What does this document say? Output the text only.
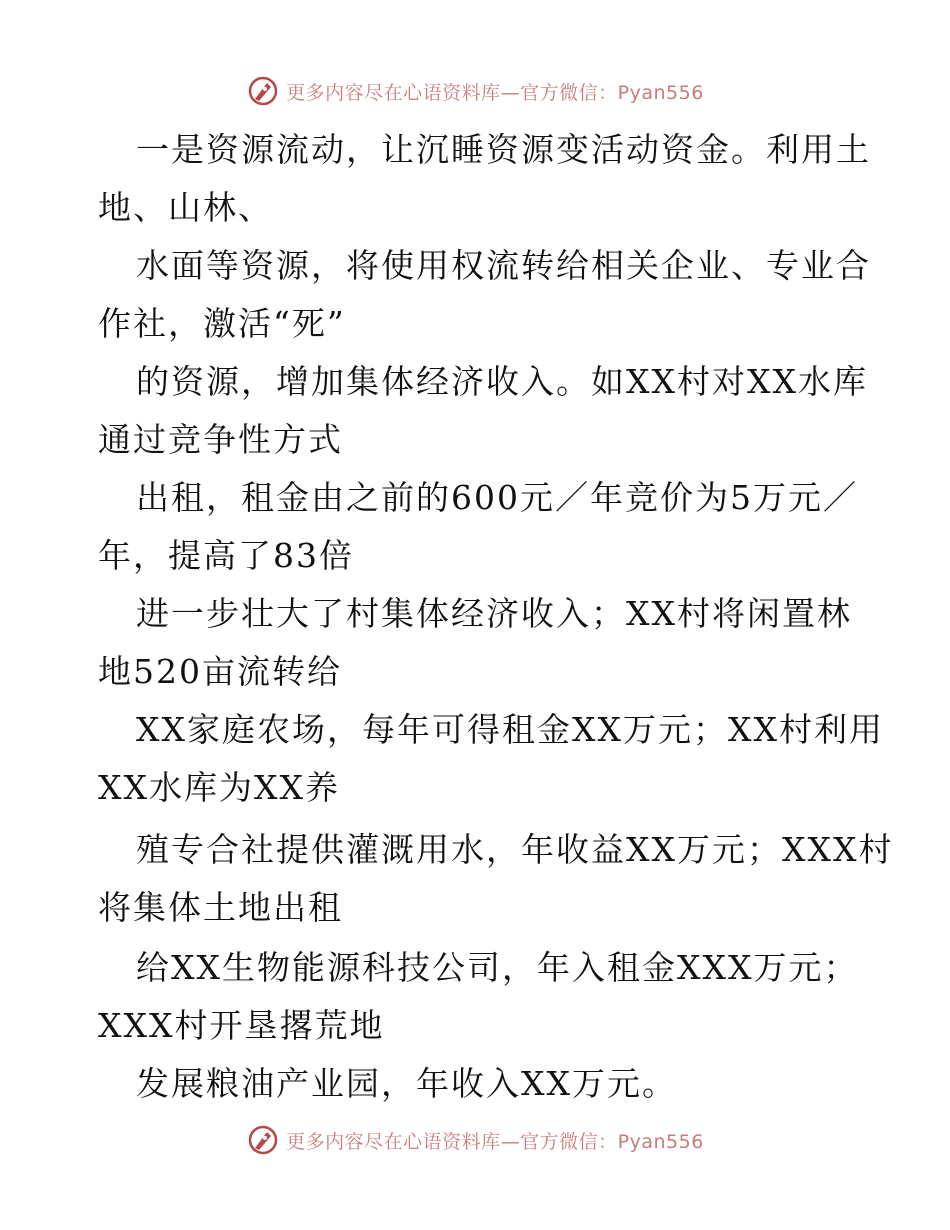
更多内容尽在心语资料库—官方微信：Pyan556
一是资源流动，让沉睡资源变活动资金。利用土
地、山林、
水面等资源，将使用权流转给相关企业、专业合
作社，激活“死”
的资源，增加集体经济收入。如XX村对XX水库
通过竞争性方式
出租，租金由之前的600元／年竞价为5万元／
年，提高了83倍
进一步壮大了村集体经济收入；XX村将闲置林
地520亩流转给
XX家庭农场，每年可得租金XX万元；XX村利用
XX水库为XX养
殖专合社提供灌溉用水，年收益XX万元；XXX村
将集体土地出租
给XX生物能源科技公司，年入租金XXX万元；
XXX村开垦撂荒地
发展粮油产业园，年收入XX万元。
更多内容尽在心语资料库—官方微信：Pyan556
